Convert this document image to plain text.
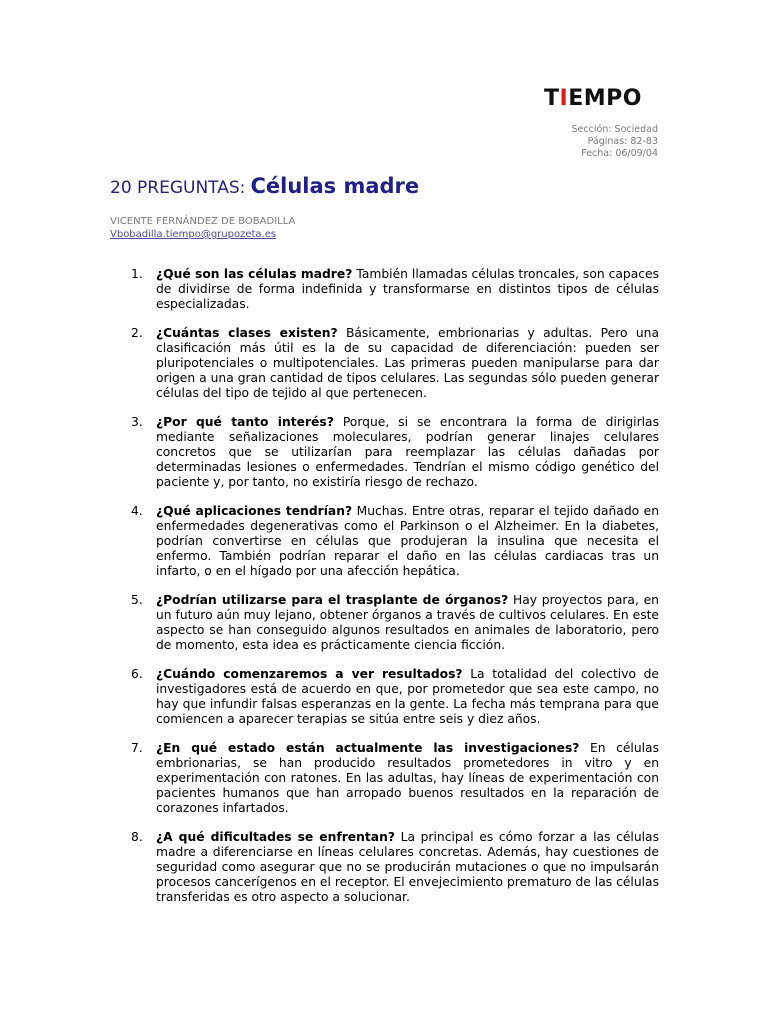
TIEMPO
Sección: Sociedad
Páginas: 82-83
Fecha: 06/09/04
20 PREGUNTAS: Células madre
VICENTE FERNÁNDEZ DE BOBADILLA
Vbobadilla.tiempo@grupozeta.es
1. ¿Qué son las células madre? También llamadas células troncales, son capaces de dividirse de forma indefinida y transformarse en distintos tipos de células especializadas.
2. ¿Cuántas clases existen? Básicamente, embrionarias y adultas. Pero una clasificación más útil es la de su capacidad de diferenciación: pueden ser pluripotenciales o multipotenciales. Las primeras pueden manipularse para dar origen a una gran cantidad de tipos celulares. Las segundas sólo pueden generar células del tipo de tejido al que pertenecen.
3. ¿Por qué tanto interés? Porque, si se encontrara la forma de dirigirlas mediante señalizaciones moleculares, podrían generar linajes celulares concretos que se utilizarían para reemplazar las células dañadas por determinadas lesiones o enfermedades. Tendrían el mismo código genético del paciente y, por tanto, no existiría riesgo de rechazo.
4. ¿Qué aplicaciones tendrían? Muchas. Entre otras, reparar el tejido dañado en enfermedades degenerativas como el Parkinson o el Alzheimer. En la diabetes, podrían convertirse en células que produjeran la insulina que necesita el enfermo. También podrían reparar el daño en las células cardiacas tras un infarto, o en el hígado por una afección hepática.
5. ¿Podrían utilizarse para el trasplante de órganos? Hay proyectos para, en un futuro aún muy lejano, obtener órganos a través de cultivos celulares. En este aspecto se han conseguido algunos resultados en animales de laboratorio, pero de momento, esta idea es prácticamente ciencia ficción.
6. ¿Cuándo comenzaremos a ver resultados? La totalidad del colectivo de investigadores está de acuerdo en que, por prometedor que sea este campo, no hay que infundir falsas esperanzas en la gente. La fecha más temprana para que comiencen a aparecer terapias se sitúa entre seis y diez años.
7. ¿En qué estado están actualmente las investigaciones? En células embrionarias, se han producido resultados prometedores in vitro y en experimentación con ratones. En las adultas, hay líneas de experimentación con pacientes humanos que han arropado buenos resultados en la reparación de corazones infartados.
8. ¿A qué dificultades se enfrentan? La principal es cómo forzar a las células madre a diferenciarse en líneas celulares concretas. Además, hay cuestiones de seguridad como asegurar que no se producirán mutaciones o que no impulsarán procesos cancerígenos en el receptor. El envejecimiento prematuro de las células transferidas es otro aspecto a solucionar.
